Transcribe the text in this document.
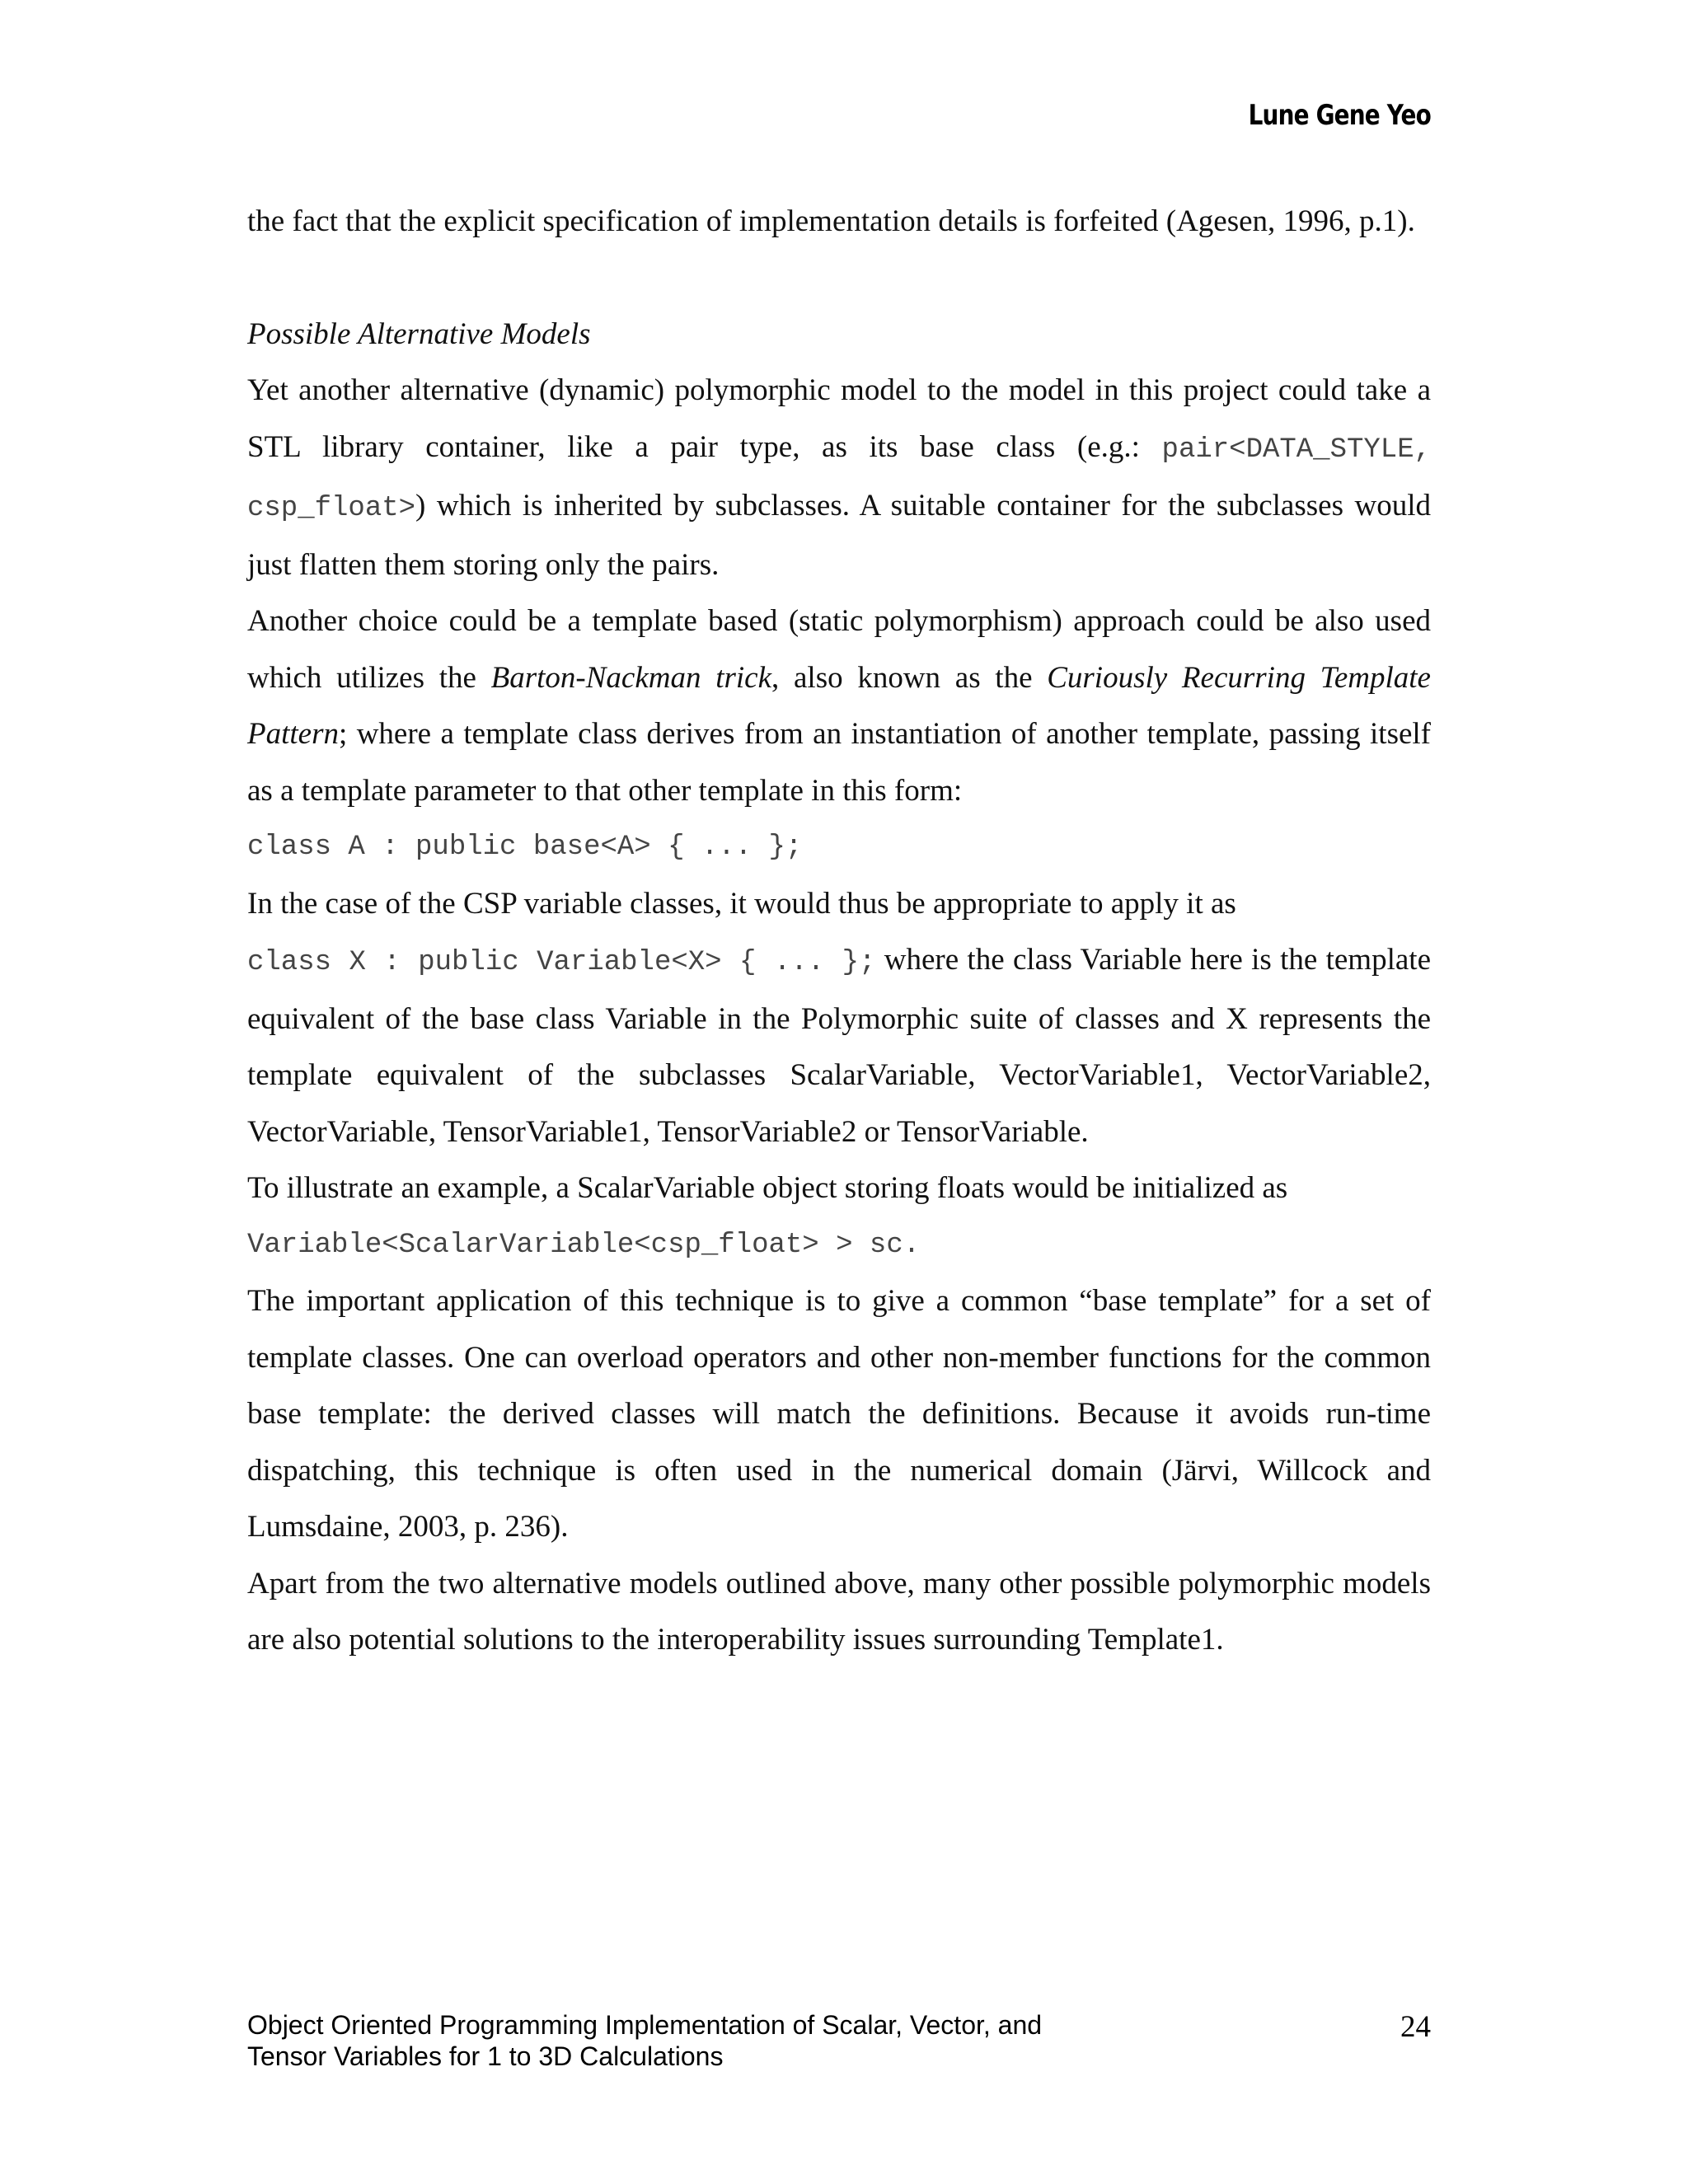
Lune Gene Yeo

the fact that the explicit specification of implementation details is forfeited (Agesen, 1996, p.1).

Possible Alternative Models

Yet another alternative (dynamic) polymorphic model to the model in this project could take a STL library container, like a pair type, as its base class (e.g.: pair<DATA_STYLE, csp_float>) which is inherited by subclasses. A suitable container for the subclasses would just flatten them storing only the pairs.

Another choice could be a template based (static polymorphism) approach could be also used which utilizes the Barton-Nackman trick, also known as the Curiously Recurring Template Pattern; where a template class derives from an instantiation of another template, passing itself as a template parameter to that other template in this form:

class A : public base<A> { ... };

In the case of the CSP variable classes, it would thus be appropriate to apply it as

class X : public Variable<X> { ... }; where the class Variable here is the template equivalent of the base class Variable in the Polymorphic suite of classes and X represents the template equivalent of the subclasses ScalarVariable, VectorVariable1, VectorVariable2, VectorVariable, TensorVariable1, TensorVariable2 or TensorVariable.

To illustrate an example, a ScalarVariable object storing floats would be initialized as

Variable<ScalarVariable<csp_float> > sc.

The important application of this technique is to give a common “base template” for a set of template classes. One can overload operators and other non-member functions for the common base template: the derived classes will match the definitions. Because it avoids run-time dispatching, this technique is often used in the numerical domain (Järvi, Willcock and Lumsdaine, 2003, p. 236).

Apart from the two alternative models outlined above, many other possible polymorphic models are also potential solutions to the interoperability issues surrounding Template1.

Object Oriented Programming Implementation of Scalar, Vector, and
Tensor Variables for 1 to 3D Calculations
24
